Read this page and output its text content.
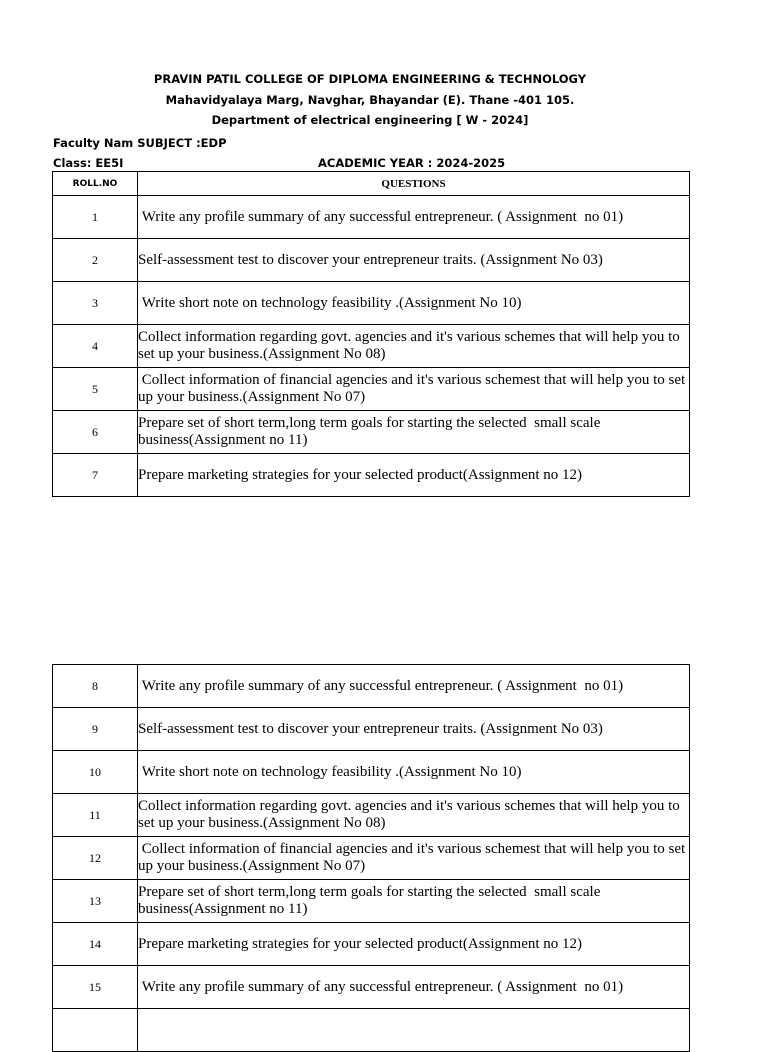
PRAVIN PATIL COLLEGE OF DIPLOMA ENGINEERING & TECHNOLOGY
Mahavidyalaya Marg, Navghar, Bhayandar (E). Thane -401 105.
Department of electrical engineering [ W - 2024]
Faculty Nam SUBJECT :EDP
Class: EE5I	ACADEMIC YEAR : 2024-2025
ROLL.NO	QUESTIONS
1	Write any profile summary of any successful entrepreneur. ( Assignment  no 01)
2	Self-assessment test to discover your entrepreneur traits. (Assignment No 03)
3	Write short note on technology feasibility .(Assignment No 10)
4	Collect information regarding govt. agencies and it's various schemes that will help you to set up your business.(Assignment No 08)
5	Collect information of financial agencies and it's various schemest that will help you to set up your business.(Assignment No 07)
6	Prepare set of short term,long term goals for starting the selected  small scale business(Assignment no 11)
7	Prepare marketing strategies for your selected product(Assignment no 12)
8	Write any profile summary of any successful entrepreneur. ( Assignment  no 01)
9	Self-assessment test to discover your entrepreneur traits. (Assignment No 03)
10	Write short note on technology feasibility .(Assignment No 10)
11	Collect information regarding govt. agencies and it's various schemes that will help you to set up your business.(Assignment No 08)
12	Collect information of financial agencies and it's various schemest that will help you to set up your business.(Assignment No 07)
13	Prepare set of short term,long term goals for starting the selected  small scale business(Assignment no 11)
14	Prepare marketing strategies for your selected product(Assignment no 12)
15	Write any profile summary of any successful entrepreneur. ( Assignment  no 01)
